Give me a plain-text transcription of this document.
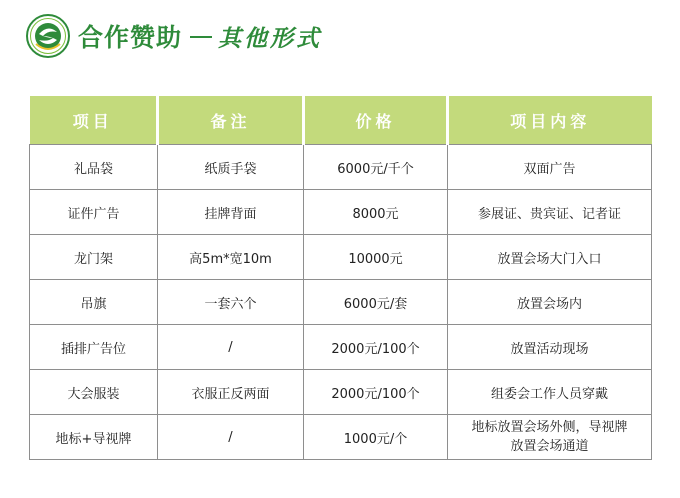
合作赞助 其他形式
项目	备注	价格	项目内容
礼品袋	纸质手袋	6000元/千个	双面广告
证件广告	挂牌背面	8000元	参展证、贵宾证、记者证
龙门架	高5m*宽10m	10000元	放置会场大门入口
吊旗	一套六个	6000元/套	放置会场内
插排广告位	/	2000元/100个	放置活动现场
大会服装	衣服正反两面	2000元/100个	组委会工作人员穿戴
地标+导视牌	/	1000元/个	地标放置会场外侧，导视牌
放置会场通道
